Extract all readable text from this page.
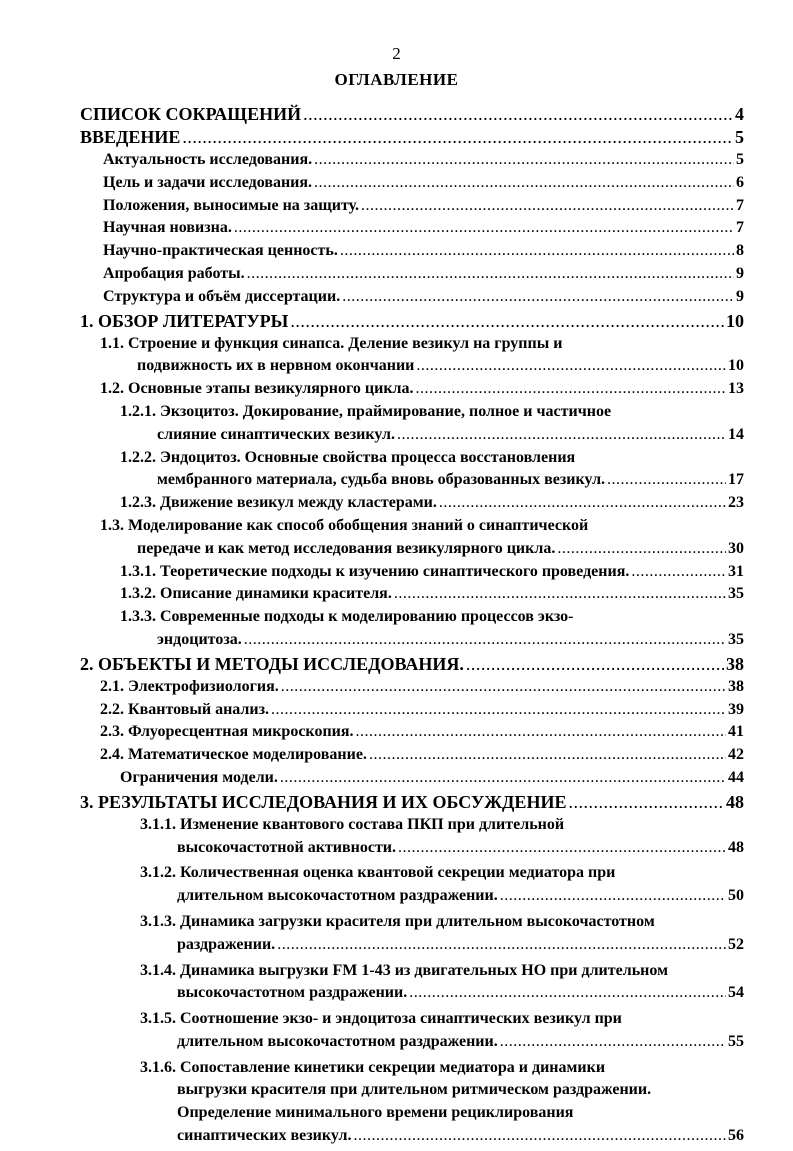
2
ОГЛАВЛЕНИЕ
СПИСОК СОКРАЩЕНИЙ .....	4
ВВЕДЕНИЕ .....	5
Актуальность исследования. .....	5
Цель и задачи исследования. .....	6
Положения, выносимые на защиту. .....	7
Научная новизна. .....	7
Научно-практическая ценность. .....	8
Апробация работы. .....	9
Структура и объём диссертации. .....	9
1. ОБЗОР ЛИТЕРАТУРЫ .....	10
1.1. Строение и функция синапса. Деление везикул на группы и
подвижность их в нервном окончании .....	10
1.2. Основные этапы везикулярного цикла. .....	13
1.2.1. Экзоцитоз. Докирование, праймирование, полное и частичное
слияние синаптических везикул. .....	14
1.2.2. Эндоцитоз. Основные свойства процесса восстановления
мембранного материала, судьба вновь образованных везикул. .....	17
1.2.3. Движение везикул между кластерами. .....	23
1.3. Моделирование как способ обобщения знаний о синаптической
передаче и как метод исследования везикулярного цикла. .....	30
1.3.1. Теоретические подходы к изучению синаптического проведения. .....	31
1.3.2. Описание динамики красителя. .....	35
1.3.3. Современные подходы к моделированию процессов экзо-
эндоцитоза. .....	35
2. ОБЪЕКТЫ И МЕТОДЫ ИССЛЕДОВАНИЯ. .....	38
2.1. Электрофизиология. .....	38
2.2. Квантовый анализ. .....	39
2.3. Флуоресцентная микроскопия. .....	41
2.4. Математическое моделирование. .....	42
Ограничения модели. .....	44
3. РЕЗУЛЬТАТЫ ИССЛЕДОВАНИЯ И ИХ ОБСУЖДЕНИЕ .....	48
3.1.1. Изменение квантового состава ПКП при длительной
высокочастотной активности. .....	48
3.1.2. Количественная оценка квантовой секреции медиатора при
длительном высокочастотном раздражении. .....	50
3.1.3. Динамика загрузки красителя при длительном высокочастотном
раздражении. .....	52
3.1.4. Динамика выгрузки FM 1-43 из двигательных НО при длительном
высокочастотном раздражении. .....	54
3.1.5. Соотношение экзо- и эндоцитоза синаптических везикул при
длительном высокочастотном раздражении. .....	55
3.1.6. Сопоставление кинетики секреции медиатора и динамики
выгрузки красителя при длительном ритмическом раздражении.
Определение минимального времени рециклирования
синаптических везикул. .....	56
